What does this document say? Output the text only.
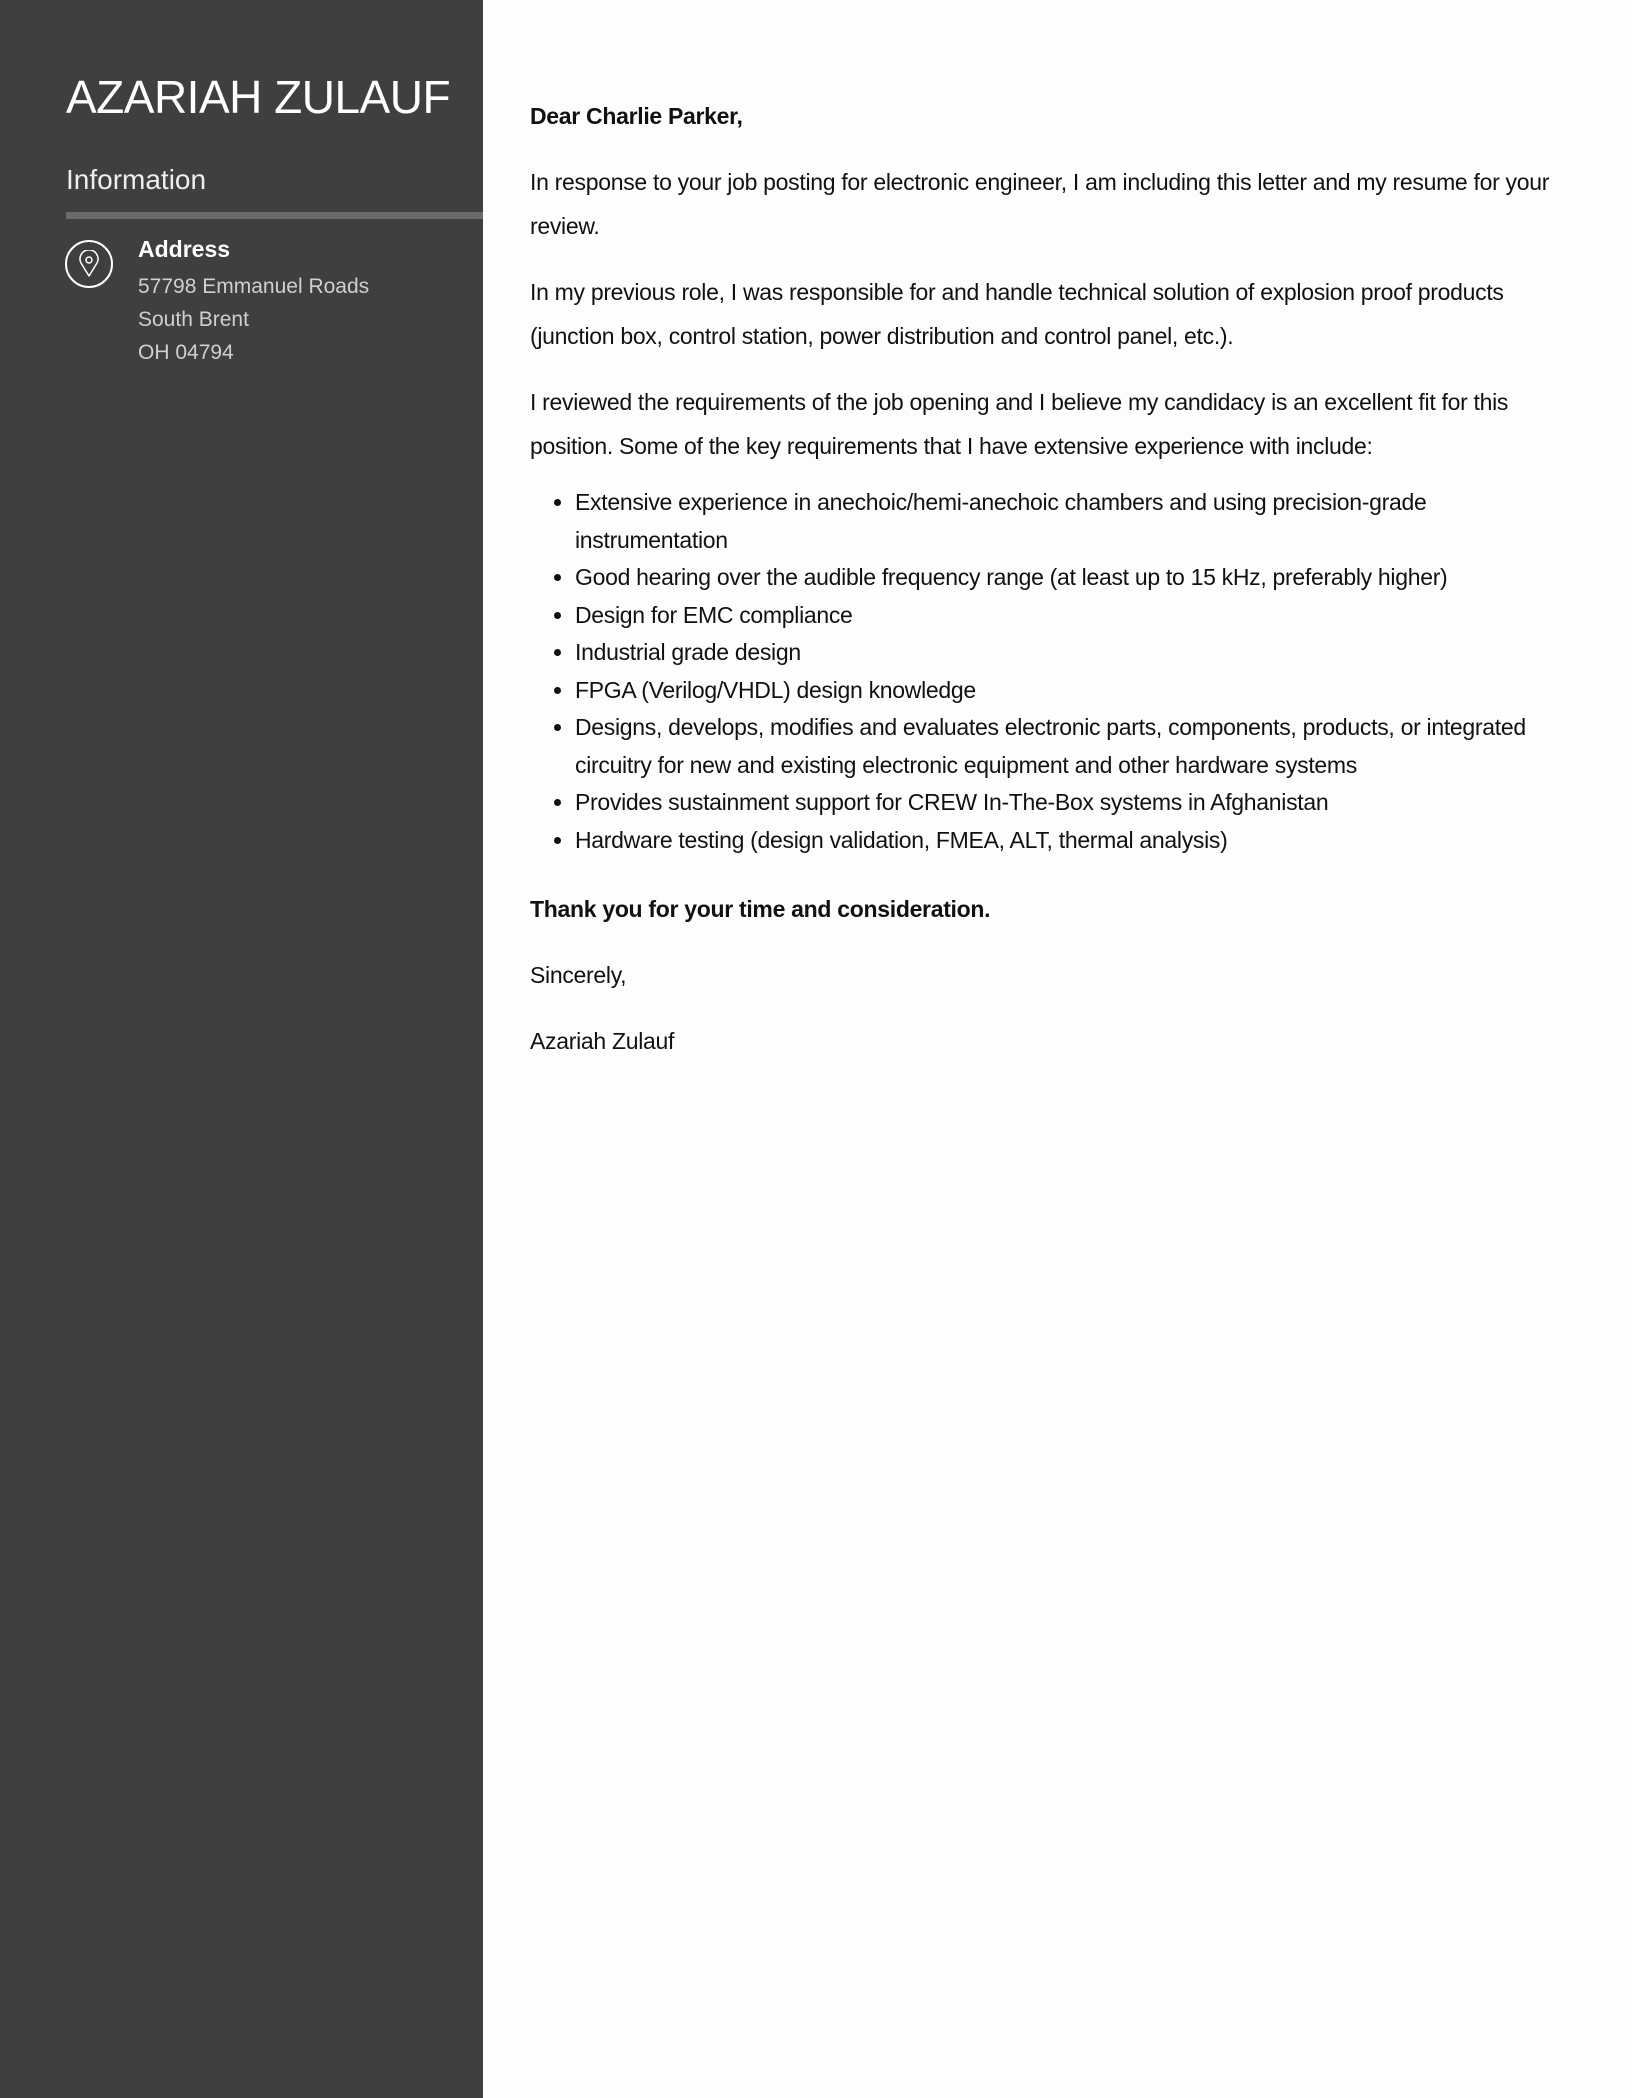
AZARIAH ZULAUF
Information
Address
57798 Emmanuel Roads
South Brent
OH 04794

Dear Charlie Parker,

In response to your job posting for electronic engineer, I am including this letter and my resume for your review.

In my previous role, I was responsible for and handle technical solution of explosion proof products (junction box, control station, power distribution and control panel, etc.).

I reviewed the requirements of the job opening and I believe my candidacy is an excellent fit for this position. Some of the key requirements that I have extensive experience with include:

• Extensive experience in anechoic/hemi-anechoic chambers and using precision-grade instrumentation
• Good hearing over the audible frequency range (at least up to 15 kHz, preferably higher)
• Design for EMC compliance
• Industrial grade design
• FPGA (Verilog/VHDL) design knowledge
• Designs, develops, modifies and evaluates electronic parts, components, products, or integrated circuitry for new and existing electronic equipment and other hardware systems
• Provides sustainment support for CREW In-The-Box systems in Afghanistan
• Hardware testing (design validation, FMEA, ALT, thermal analysis)

Thank you for your time and consideration.

Sincerely,

Azariah Zulauf
